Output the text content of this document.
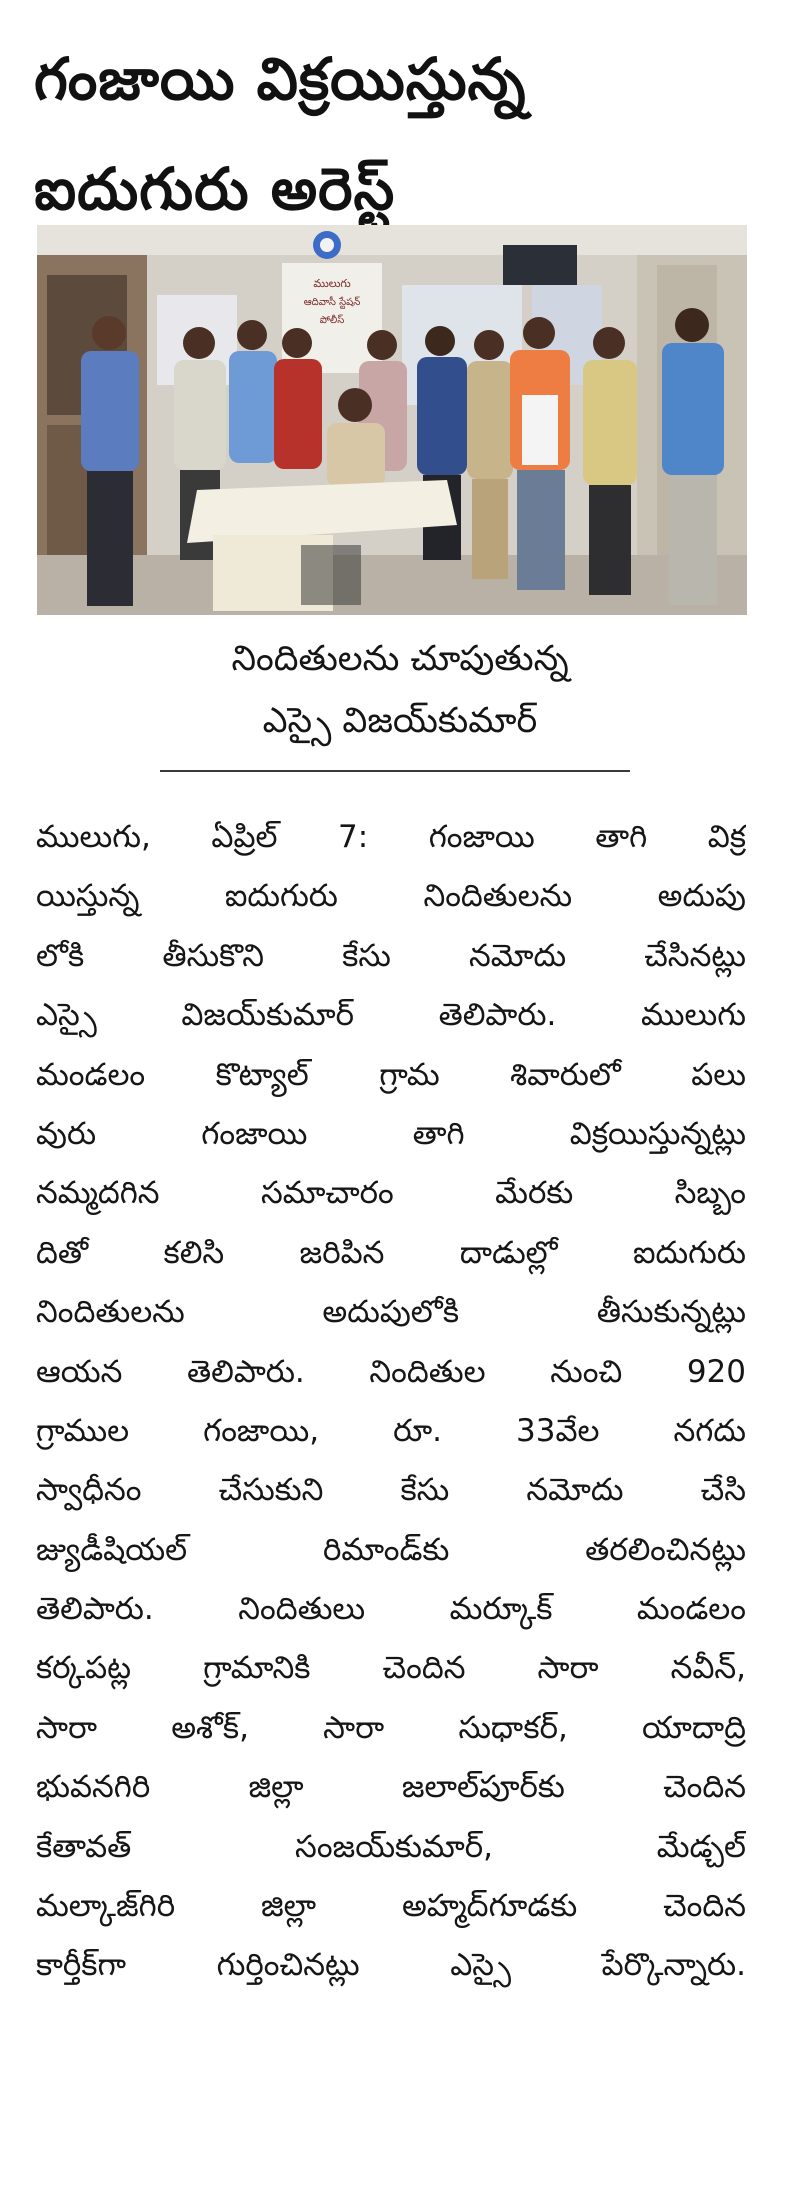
గంజాయి విక్రయిస్తున్న
ఐదుగురు అరెస్ట్
ములుగు
ఆదివాసీ స్టేషన్
పోలీస్
నిందితులను చూపుతున్న
ఎస్సై విజయ్‌కుమార్
ములుగు, ఏప్రిల్ 7: గంజాయి తాగి విక్ర
యిస్తున్న ఐదుగురు నిందితులను అదుపు
లోకి తీసుకొని కేసు నమోదు చేసినట్లు
ఎస్సై విజయ్‌కుమార్ తెలిపారు. ములుగు
మండలం కొట్యాల్ గ్రామ శివారులో పలు
వురు గంజాయి తాగి విక్రయిస్తున్నట్లు
నమ్మదగిన సమాచారం మేరకు సిబ్బం
దితో కలిసి జరిపిన దాడుల్లో ఐదుగురు
నిందితులను అదుపులోకి తీసుకున్నట్లు
ఆయన తెలిపారు. నిందితుల నుంచి 920
గ్రాముల గంజాయి, రూ. 33వేల నగదు
స్వాధీనం చేసుకుని కేసు నమోదు చేసి
జ్యుడీషియల్ రిమాండ్‌కు తరలించినట్లు
తెలిపారు. నిందితులు మర్కూక్ మండలం
కర్కపట్ల గ్రామానికి చెందిన సారా నవీన్,
సారా అశోక్, సారా సుధాకర్, యాదాద్రి
భువనగిరి జిల్లా జలాల్‌పూర్‌కు చెందిన
కేతావత్ సంజయ్‌కుమార్, మేడ్చల్
మల్కాజ్‌గిరి జిల్లా అహ్మద్‌గూడకు చెందిన
కార్తీక్‌గా గుర్తించినట్లు ఎస్సై పేర్కొన్నారు.
